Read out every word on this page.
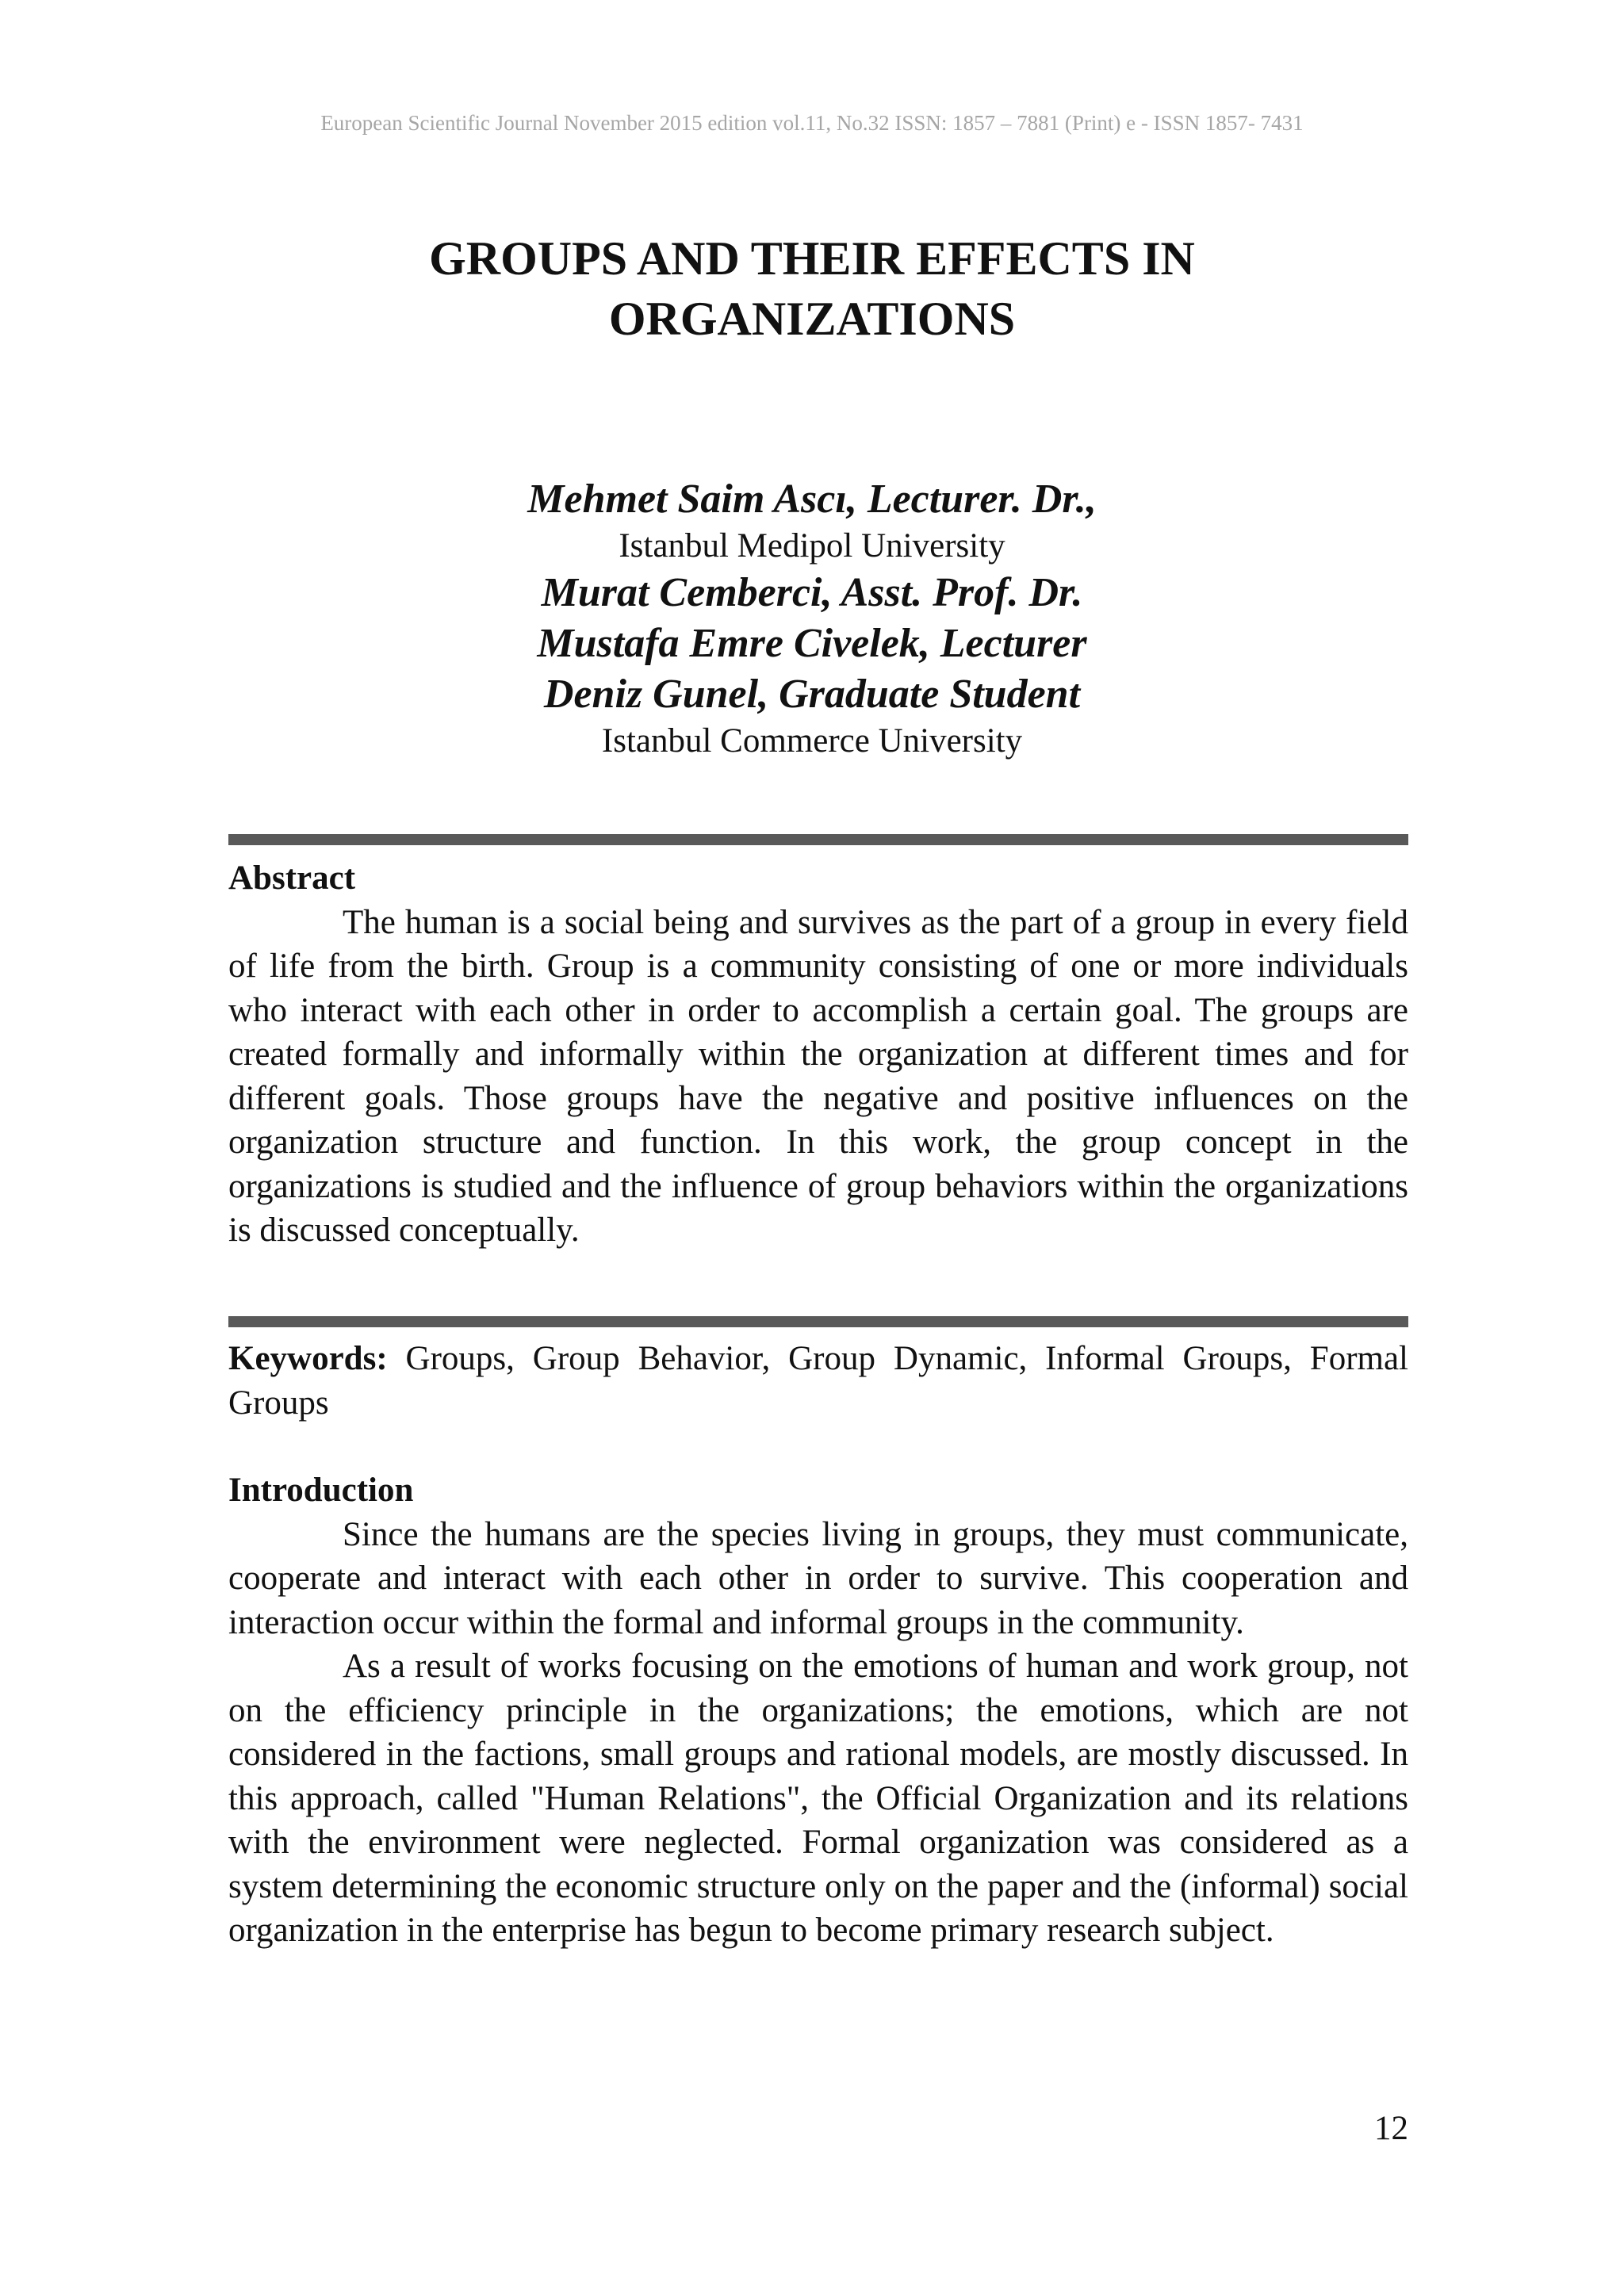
European Scientific Journal November 2015 edition vol.11, No.32 ISSN: 1857 – 7881 (Print) e - ISSN 1857- 7431
GROUPS AND THEIR EFFECTS IN
ORGANIZATIONS
Mehmet Saim Ascı, Lecturer. Dr.,
Istanbul Medipol University
Murat Cemberci, Asst. Prof. Dr.
Mustafa Emre Civelek, Lecturer
Deniz Gunel, Graduate Student
Istanbul Commerce University
Abstract

The human is a social being and survives as the part of a group in every field of life from the birth. Group is a community consisting of one or more individuals who interact with each other in order to accomplish a certain goal. The groups are created formally and informally within the organization at different times and for different goals. Those groups have the negative and positive influences on the organization structure and function. In this work, the group concept in the organizations is studied and the influence of group behaviors within the organizations is discussed conceptually.

Keywords: Groups, Group Behavior, Group Dynamic, Informal Groups, Formal Groups
Introduction

Since the humans are the species living in groups, they must communicate, cooperate and interact with each other in order to survive. This cooperation and interaction occur within the formal and informal groups in the community.

As a result of works focusing on the emotions of human and work group, not on the efficiency principle in the organizations; the emotions, which are not considered in the factions, small groups and rational models, are mostly discussed. In this approach, called "Human Relations", the Official Organization and its relations with the environment were neglected. Formal organization was considered as a system determining the economic structure only on the paper and the (informal) social organization in the enterprise has begun to become primary research subject.

12
